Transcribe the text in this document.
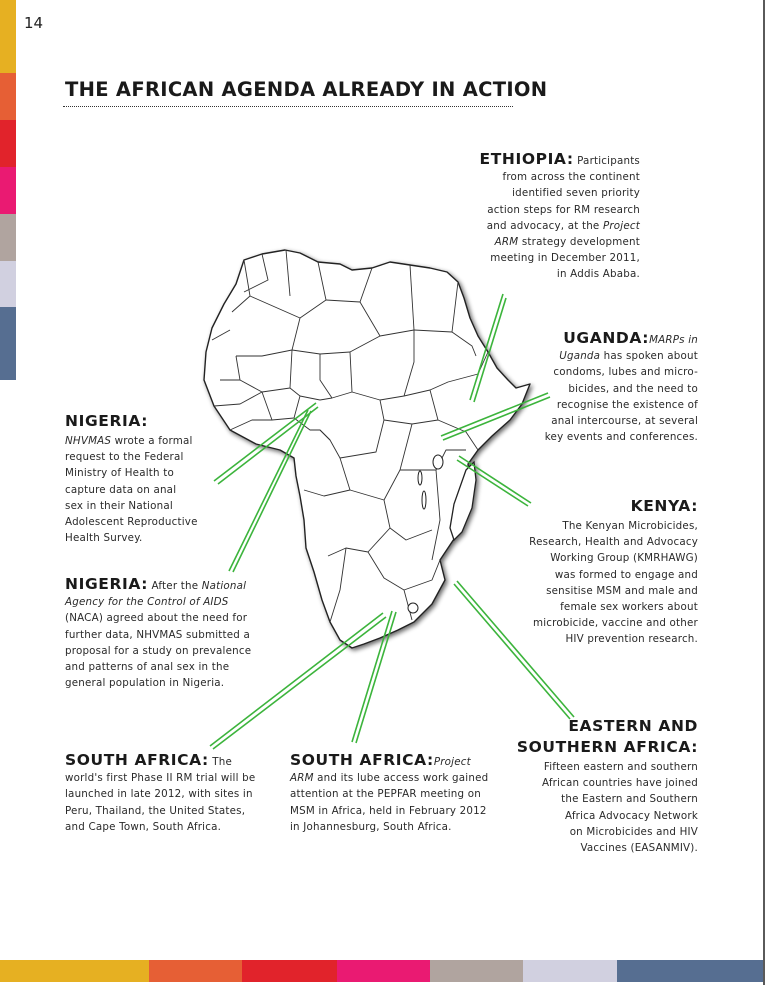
14
THE AFRICAN AGENDA ALREADY IN ACTION
ETHIOPIA: Participants
from across the continent
identified seven priority
action steps for RM research
and advocacy, at the Project
ARM strategy development
meeting in December 2011,
in Addis Ababa.
UGANDA:MARPs in
Uganda has spoken about
condoms, lubes and micro-
bicides, and the need to
recognise the existence of
anal intercourse, at several
key events and conferences.
KENYA:
The Kenyan Microbicides,
Research, Health and Advocacy
Working Group (KMRHAWG)
was formed to engage and
sensitise MSM and male and
female sex workers about
microbicide, vaccine and other
HIV prevention research.
EASTERN AND
SOUTHERN AFRICA:
Fifteen eastern and southern
African countries have joined
the Eastern and Southern
Africa Advocacy Network
on Microbicides and HIV
Vaccines (EASANMIV).
NIGERIA:
NHVMAS wrote a formal
request to the Federal
Ministry of Health to
capture data on anal
sex in their National
Adolescent Reproductive
Health Survey.
NIGERIA: After the National
Agency for the Control of AIDS
(NACA) agreed about the need for
further data, NHVMAS submitted a
proposal for a study on prevalence
and patterns of anal sex in the
general population in Nigeria.
SOUTH AFRICA: The
world's first Phase II RM trial will be
launched in late 2012, with sites in
Peru, Thailand, the United States,
and Cape Town, South Africa.
SOUTH AFRICA:Project
ARM and its lube access work gained
attention at the PEPFAR meeting on
MSM in Africa, held in February 2012
in Johannesburg, South Africa.
